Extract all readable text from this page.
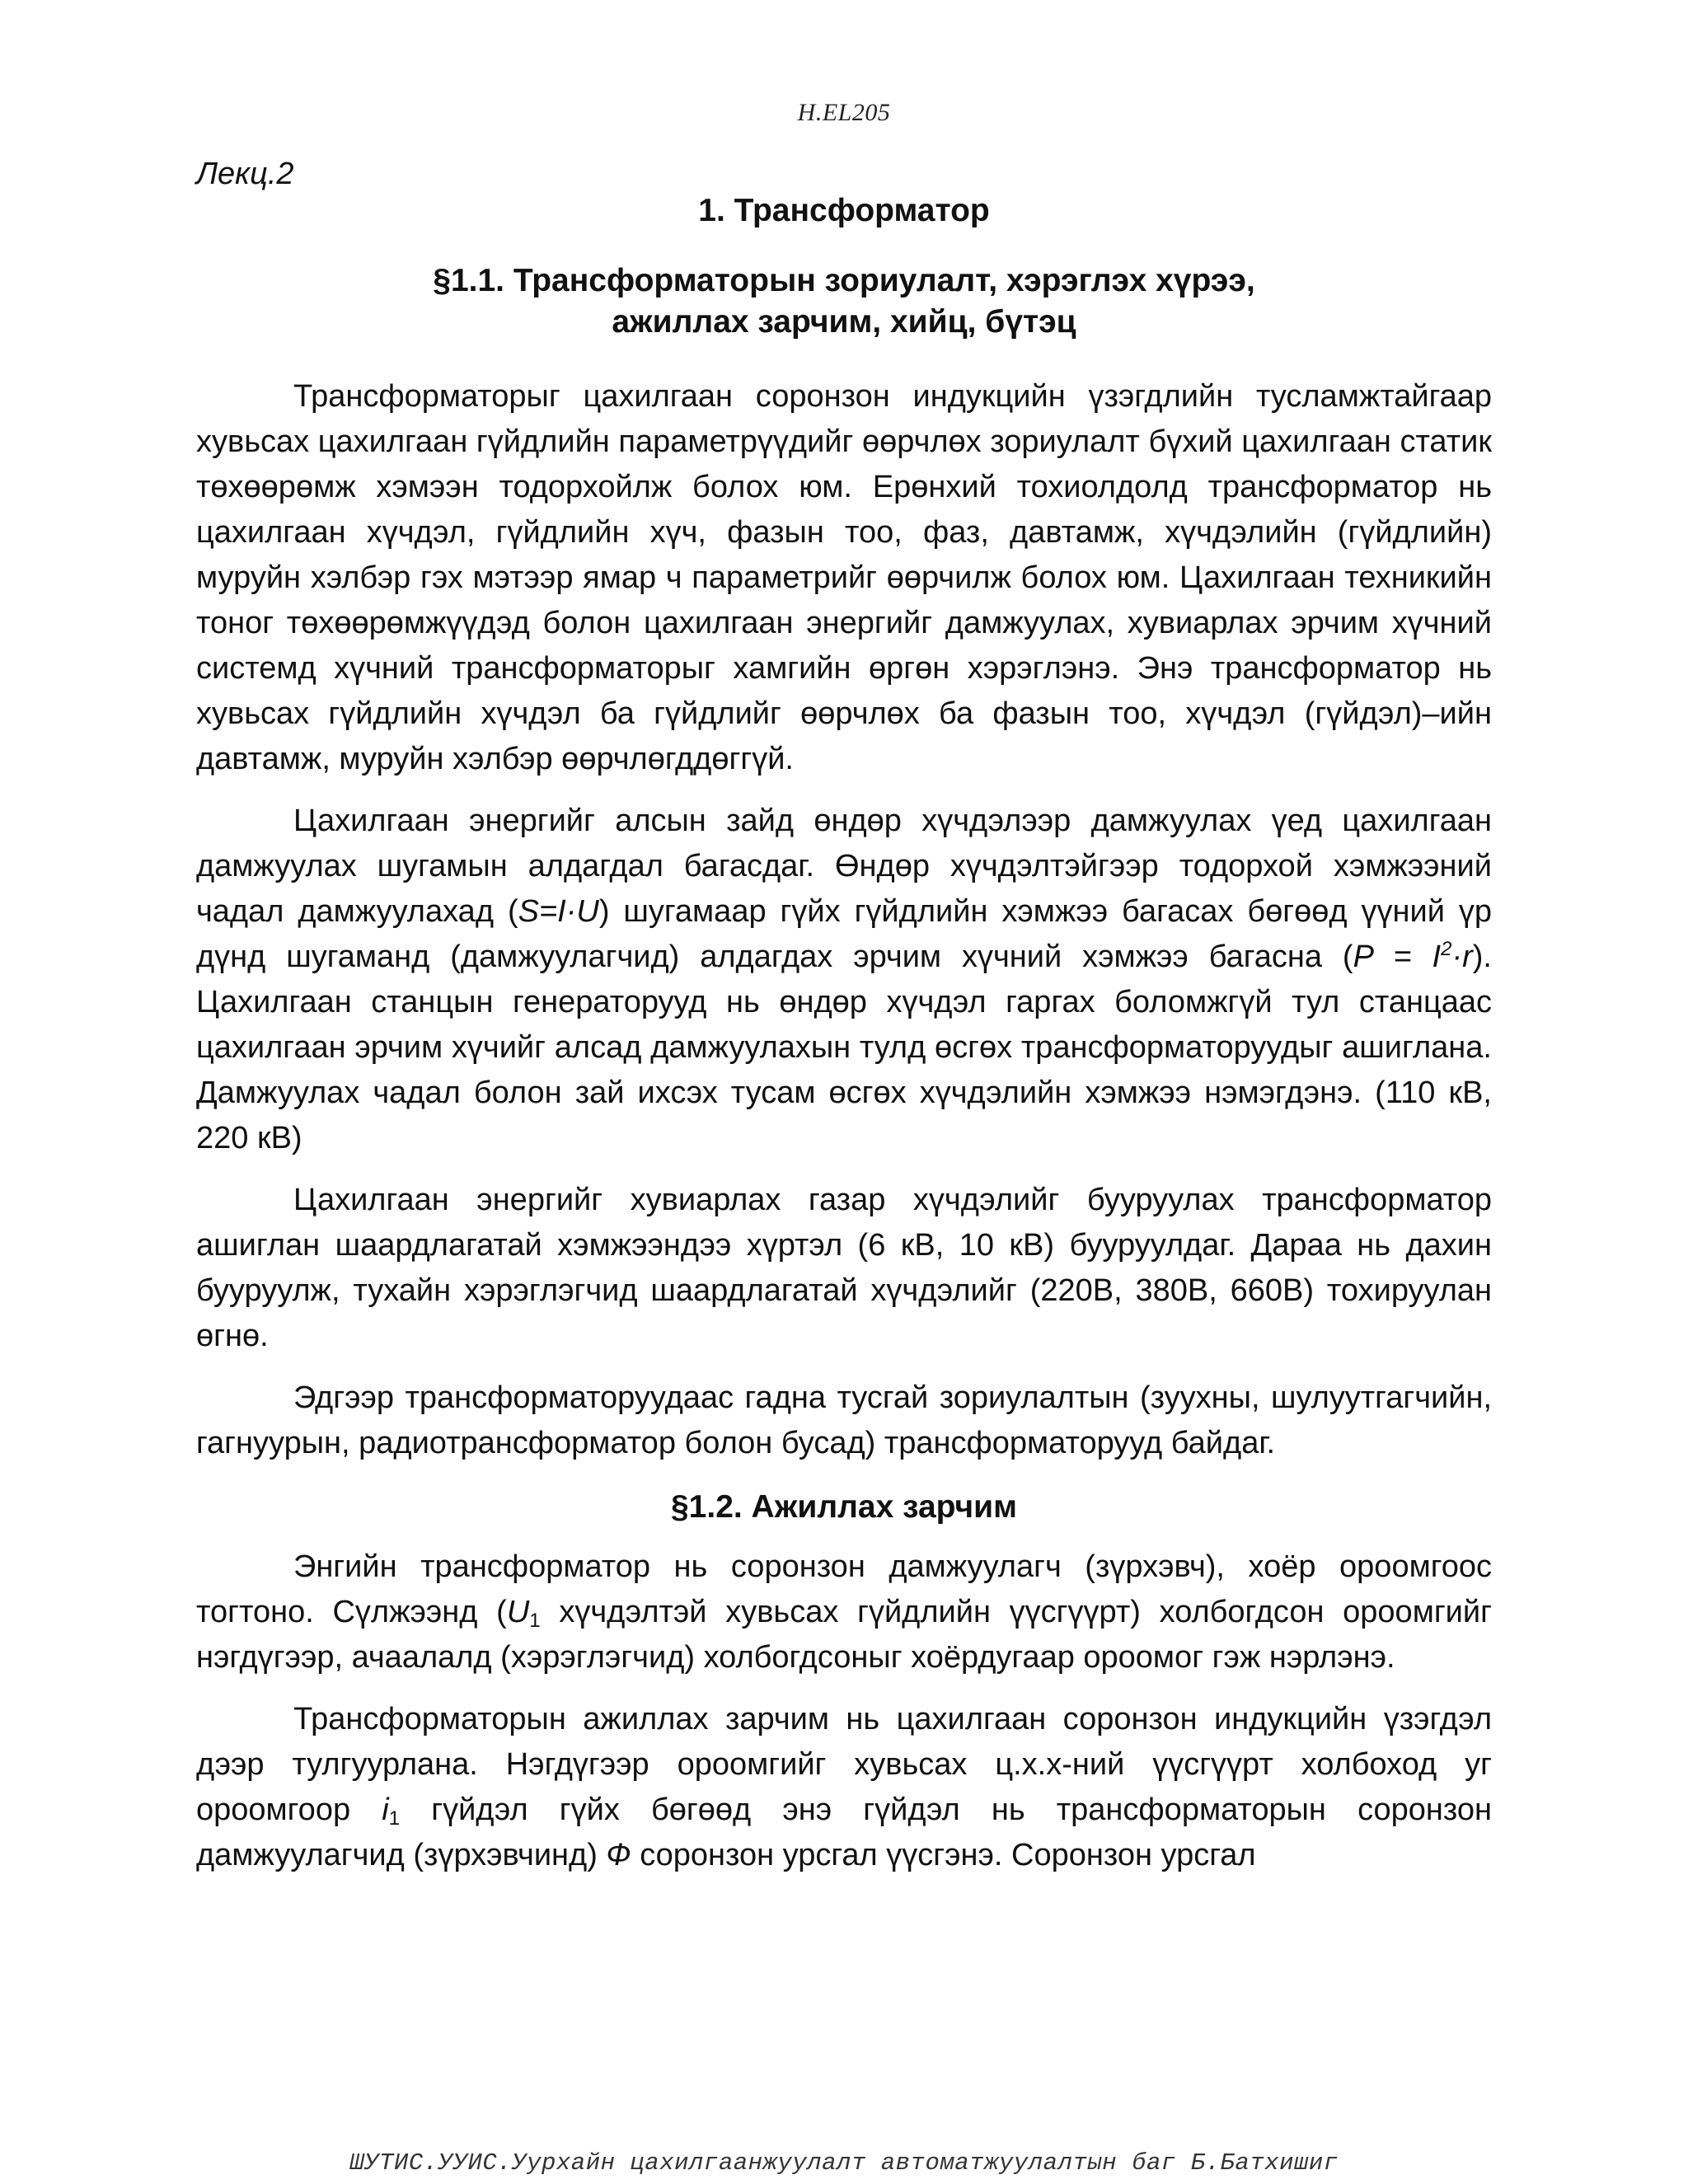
H.EL205
Лекц.2
1. Трансформатор
§1.1. Трансформаторын зориулалт, хэрэглэх хүрээ,
ажиллах зарчим, хийц, бүтэц

Трансформаторыг цахилгаан соронзон индукцийн үзэгдлийн тусламжтайгаар хувьсах цахилгаан гүйдлийн параметрүүдийг өөрчлөх зориулалт бүхий цахилгаан статик төхөөрөмж хэмээн тодорхойлж болох юм. Ерөнхий тохиолдолд трансформатор нь цахилгаан хүчдэл, гүйдлийн хүч, фазын тоо, фаз, давтамж, хүчдэлийн (гүйдлийн) муруйн хэлбэр гэх мэтээр ямар ч параметрийг өөрчилж болох юм. Цахилгаан техникийн тоног төхөөрөмжүүдэд болон цахилгаан энергийг дамжуулах, хувиарлах эрчим хүчний системд хүчний трансформаторыг хамгийн өргөн хэрэглэнэ. Энэ трансформатор нь хувьсах гүйдлийн хүчдэл ба гүйдлийг өөрчлөх ба фазын тоо, хүчдэл (гүйдэл)–ийн давтамж, муруйн хэлбэр өөрчлөгддөггүй.

Цахилгаан энергийг алсын зайд өндөр хүчдэлээр дамжуулах үед цахилгаан дамжуулах шугамын алдагдал багасдаг. Өндөр хүчдэлтэйгээр тодорхой хэмжээний чадал дамжуулахад (S=I·U) шугамаар гүйх гүйдлийн хэмжээ багасах бөгөөд үүний үр дүнд шугаманд (дамжуулагчид) алдагдах эрчим хүчний хэмжээ багасна $(P = I^2\cdot r)$. Цахилгаан станцын генераторууд нь өндөр хүчдэл гаргах боломжгүй тул станцаас цахилгаан эрчим хүчийг алсад дамжуулахын тулд өсгөх трансформаторуудыг ашиглана. Дамжуулах чадал болон зай ихсэх тусам өсгөх хүчдэлийн хэмжээ нэмэгдэнэ. (110 кВ, 220 кВ)

Цахилгаан энергийг хувиарлах газар хүчдэлийг бууруулах трансформатор ашиглан шаардлагатай хэмжээндээ хүртэл (6 кВ, 10 кВ) бууруулдаг. Дараа нь дахин бууруулж, тухайн хэрэглэгчид шаардлагатай хүчдэлийг (220В, 380В, 660В) тохируулан өгнө.

Эдгээр трансформаторуудаас гадна тусгай зориулалтын (зуухны, шулуутгагчийн, гагнуурын, радиотрансформатор болон бусад) трансформаторууд байдаг.

§1.2. Ажиллах зарчим

Энгийн трансформатор нь соронзон дамжуулагч (зүрхэвч), хоёр ороомгоос тогтоно. Сүлжээнд ($U_1$ хүчдэлтэй хувьсах гүйдлийн үүсгүүрт) холбогдсон ороомгийг нэгдүгээр, ачаалалд (хэрэглэгчид) холбогдсоныг хоёрдугаар ороомог гэж нэрлэнэ.

Трансформаторын ажиллах зарчим нь цахилгаан соронзон индукцийн үзэгдэл дээр тулгуурлана. Нэгдүгээр ороомгийг хувьсах ц.х.х-ний үүсгүүрт холбоход уг ороомгоор $i_1$ гүйдэл гүйх бөгөөд энэ гүйдэл нь трансформаторын соронзон дамжуулагчид (зүрхэвчинд) Ф соронзон урсгал үүсгэнэ. Соронзон урсгал

ШУТИС.УУИС.Уурхайн цахилгаанжуулалт автоматжуулалтын баг Б.Батхишиг
